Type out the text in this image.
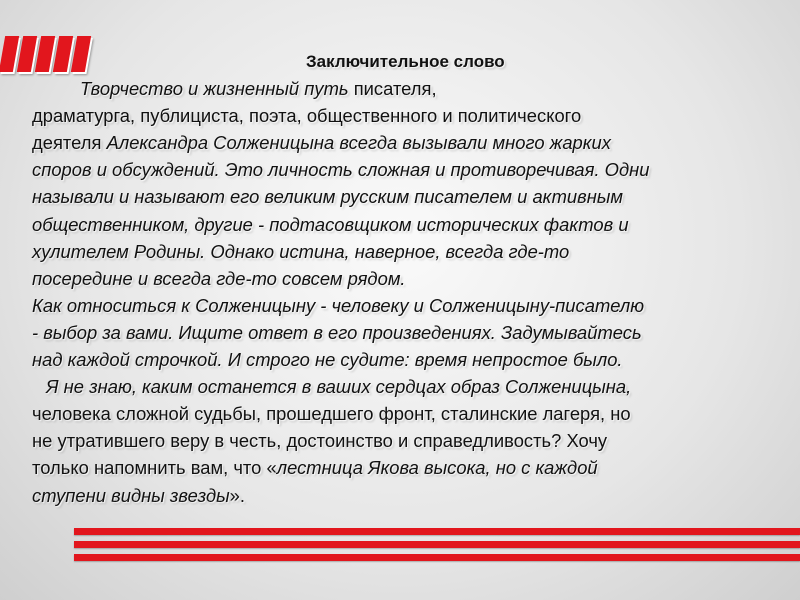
Заключительное слово
Творчество и жизненный путь писателя,
драматурга, публициста, поэта, общественного и политического
деятеля Александра Солженицына всегда вызывали много жарких
споров и обсуждений. Это личность сложная и противоречивая. Одни
называли и называют его великим русским писателем и активным
общественником, другие - подтасовщиком исторических фактов и
хулителем Родины. Однако истина, наверное, всегда где-то
посередине и всегда где-то совсем рядом.
Как относиться к Солженицыну - человеку и Солженицыну-писателю
- выбор за вами. Ищите ответ в его произведениях. Задумывайтесь
над каждой строчкой. И строго не судите: время непростое было.
Я не знаю, каким останется в ваших сердцах образ Солженицына,
человека сложной судьбы, прошедшего фронт, сталинские лагеря, но
не утратившего веру в честь, достоинство и справедливость? Хочу
только напомнить вам, что «лестница Якова высока, но с каждой
ступени видны звезды».
